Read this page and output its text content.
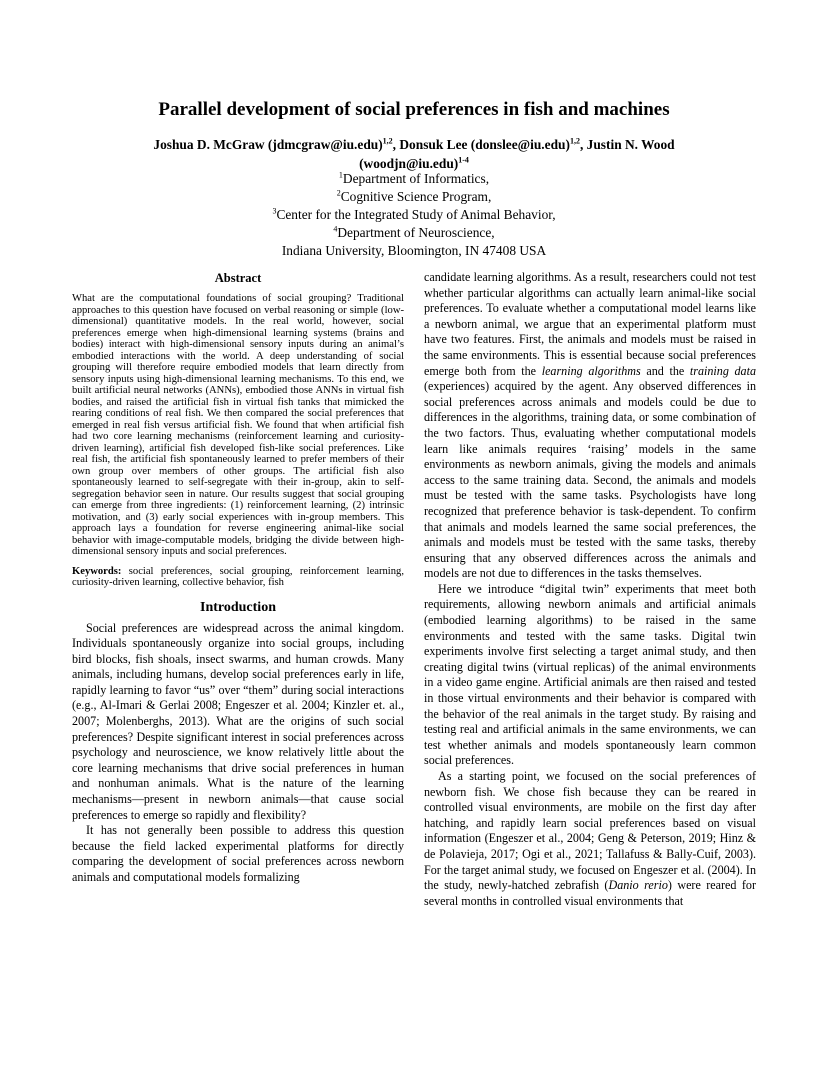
Parallel development of social preferences in fish and machines
Joshua D. McGraw (jdmcgraw@iu.edu)$^{1,2}$, Donsuk Lee (donslee@iu.edu)$^{1,2}$, Justin N. Wood (woodjn@iu.edu)$^{1-4}$
$^1$Department of Informatics,
$^2$Cognitive Science Program,
$^3$Center for the Integrated Study of Animal Behavior,
$^4$Department of Neuroscience,
Indiana University, Bloomington, IN 47408 USA
Abstract

What are the computational foundations of social grouping? Traditional approaches to this question have focused on verbal reasoning or simple (low-dimensional) quantitative models. In the real world, however, social preferences emerge when high-dimensional learning systems (brains and bodies) interact with high-dimensional sensory inputs during an animal’s embodied interactions with the world. A deep understanding of social grouping will therefore require embodied models that learn directly from sensory inputs using high-dimensional learning mechanisms. To this end, we built artificial neural networks (ANNs), embodied those ANNs in virtual fish bodies, and raised the artificial fish in virtual fish tanks that mimicked the rearing conditions of real fish. We then compared the social preferences that emerged in real fish versus artificial fish. We found that when artificial fish had two core learning mechanisms (reinforcement learning and curiosity-driven learning), artificial fish developed fish-like social preferences. Like real fish, the artificial fish spontaneously learned to prefer members of their own group over members of other groups. The artificial fish also spontaneously learned to self-segregate with their in-group, akin to self-segregation behavior seen in nature. Our results suggest that social grouping can emerge from three ingredients: (1) reinforcement learning, (2) intrinsic motivation, and (3) early social experiences with in-group members. This approach lays a foundation for reverse engineering animal-like social behavior with image-computable models, bridging the divide between high-dimensional sensory inputs and social preferences.

Keywords: social preferences, social grouping, reinforcement learning, curiosity-driven learning, collective behavior, fish

Introduction

Social preferences are widespread across the animal kingdom. Individuals spontaneously organize into social groups, including bird blocks, fish shoals, insect swarms, and human crowds. Many animals, including humans, develop social preferences early in life, rapidly learning to favor “us” over “them” during social interactions (e.g., Al-Imari & Gerlai 2008; Engeszer et al. 2004; Kinzler et. al., 2007; Molenberghs, 2013). What are the origins of such social preferences? Despite significant interest in social preferences across psychology and neuroscience, we know relatively little about the core learning mechanisms that drive social preferences in human and nonhuman animals. What is the nature of the learning mechanisms—present in newborn animals—that cause social preferences to emerge so rapidly and flexibility?

It has not generally been possible to address this question because the field lacked experimental platforms for directly comparing the development of social preferences across newborn animals and computational models formalizing

candidate learning algorithms. As a result, researchers could not test whether particular algorithms can actually learn animal-like social preferences. To evaluate whether a computational model learns like a newborn animal, we argue that an experimental platform must have two features. First, the animals and models must be raised in the same environments. This is essential because social preferences emerge both from the learning algorithms and the training data (experiences) acquired by the agent. Any observed differences in social preferences across animals and models could be due to differences in the algorithms, training data, or some combination of the two factors. Thus, evaluating whether computational models learn like animals requires ‘raising’ models in the same environments as newborn animals, giving the models and animals access to the same training data. Second, the animals and models must be tested with the same tasks. Psychologists have long recognized that preference behavior is task-dependent. To confirm that animals and models learned the same social preferences, the animals and models must be tested with the same tasks, thereby ensuring that any observed differences across the animals and models are not due to differences in the tasks themselves.

Here we introduce “digital twin” experiments that meet both requirements, allowing newborn animals and artificial animals (embodied learning algorithms) to be raised in the same environments and tested with the same tasks. Digital twin experiments involve first selecting a target animal study, and then creating digital twins (virtual replicas) of the animal environments in a video game engine. Artificial animals are then raised and tested in those virtual environments and their behavior is compared with the behavior of the real animals in the target study. By raising and testing real and artificial animals in the same environments, we can test whether animals and models spontaneously learn common social preferences.

As a starting point, we focused on the social preferences of newborn fish. We chose fish because they can be reared in controlled visual environments, are mobile on the first day after hatching, and rapidly learn social preferences based on visual information (Engeszer et al., 2004; Geng & Peterson, 2019; Hinz & de Polavieja, 2017; Ogi et al., 2021; Tallafuss & Bally-Cuif, 2003). For the target animal study, we focused on Engeszer et al. (2004). In the study, newly-hatched zebrafish (Danio rerio) were reared for several months in controlled visual environments that
